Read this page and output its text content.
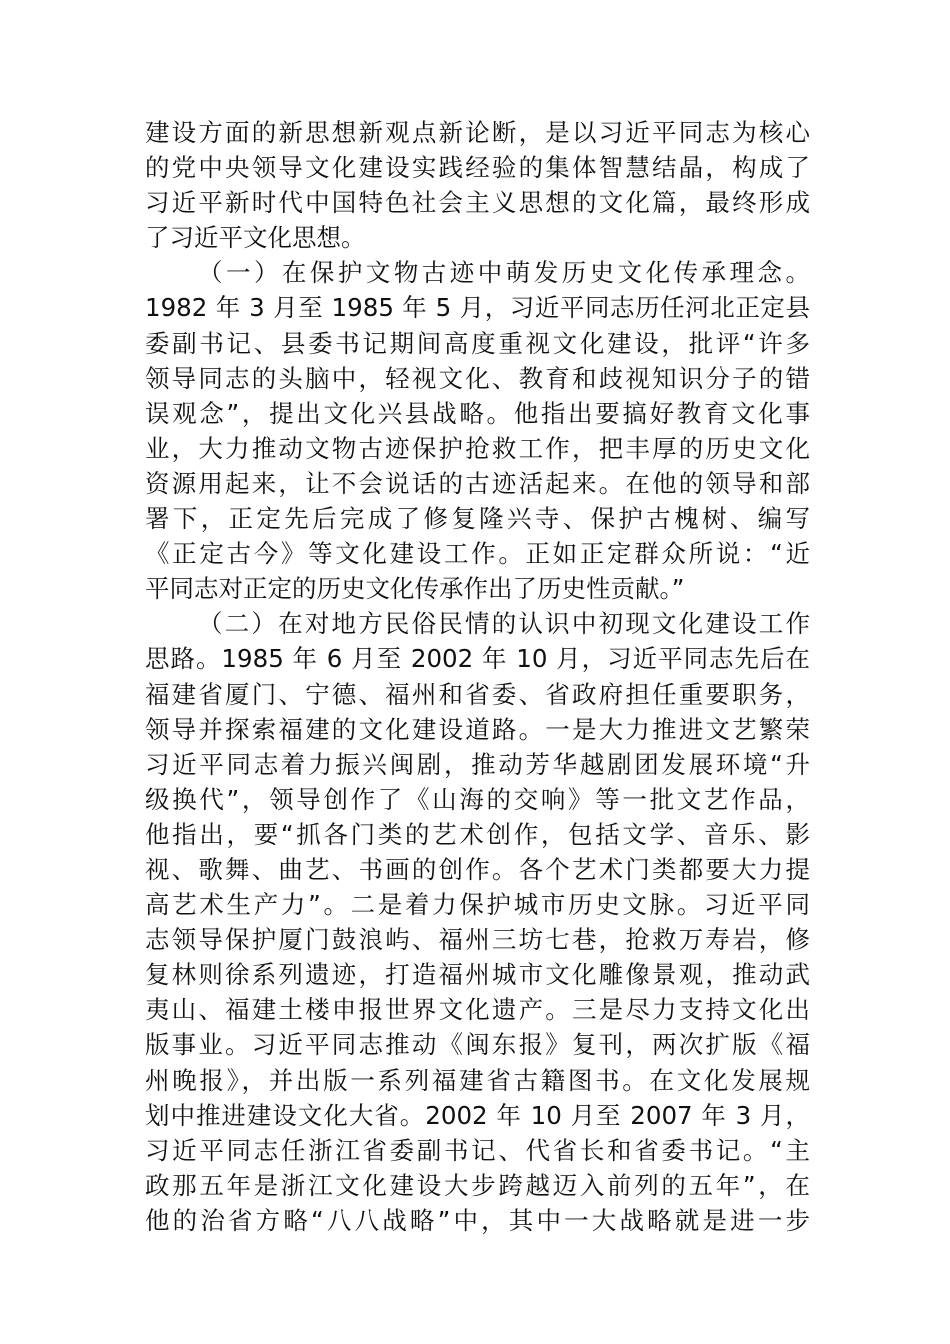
建设方面的新思想新观点新论断，是以习近平同志为核心
的党中央领导文化建设实践经验的集体智慧结晶，构成了
习近平新时代中国特色社会主义思想的文化篇，最终形成
了习近平文化思想。
（一）在保护文物古迹中萌发历史文化传承理念。
1982 年 3 月至 1985 年 5 月，习近平同志历任河北正定县
委副书记、县委书记期间高度重视文化建设，批评“许多
领导同志的头脑中，轻视文化、教育和歧视知识分子的错
误观念”，提出文化兴县战略。他指出要搞好教育文化事
业，大力推动文物古迹保护抢救工作，把丰厚的历史文化
资源用起来，让不会说话的古迹活起来。在他的领导和部
署下，正定先后完成了修复隆兴寺、保护古槐树、编写
《正定古今》等文化建设工作。正如正定群众所说：“近
平同志对正定的历史文化传承作出了历史性贡献。”
（二）在对地方民俗民情的认识中初现文化建设工作
思路。1985 年 6 月至 2002 年 10 月，习近平同志先后在
福建省厦门、宁德、福州和省委、省政府担任重要职务，
领导并探索福建的文化建设道路。一是大力推进文艺繁荣
习近平同志着力振兴闽剧，推动芳华越剧团发展环境“升
级换代”，领导创作了《山海的交响》等一批文艺作品，
他指出，要“抓各门类的艺术创作，包括文学、音乐、影
视、歌舞、曲艺、书画的创作。各个艺术门类都要大力提
高艺术生产力”。二是着力保护城市历史文脉。习近平同
志领导保护厦门鼓浪屿、福州三坊七巷，抢救万寿岩，修
复林则徐系列遗迹，打造福州城市文化雕像景观，推动武
夷山、福建土楼申报世界文化遗产。三是尽力支持文化出
版事业。习近平同志推动《闽东报》复刊，两次扩版《福
州晚报》，并出版一系列福建省古籍图书。在文化发展规
划中推进建设文化大省。2002 年 10 月至 2007 年 3 月，
习近平同志任浙江省委副书记、代省长和省委书记。“主
政那五年是浙江文化建设大步跨越迈入前列的五年”，在
他的治省方略“八八战略”中，其中一大战略就是进一步
